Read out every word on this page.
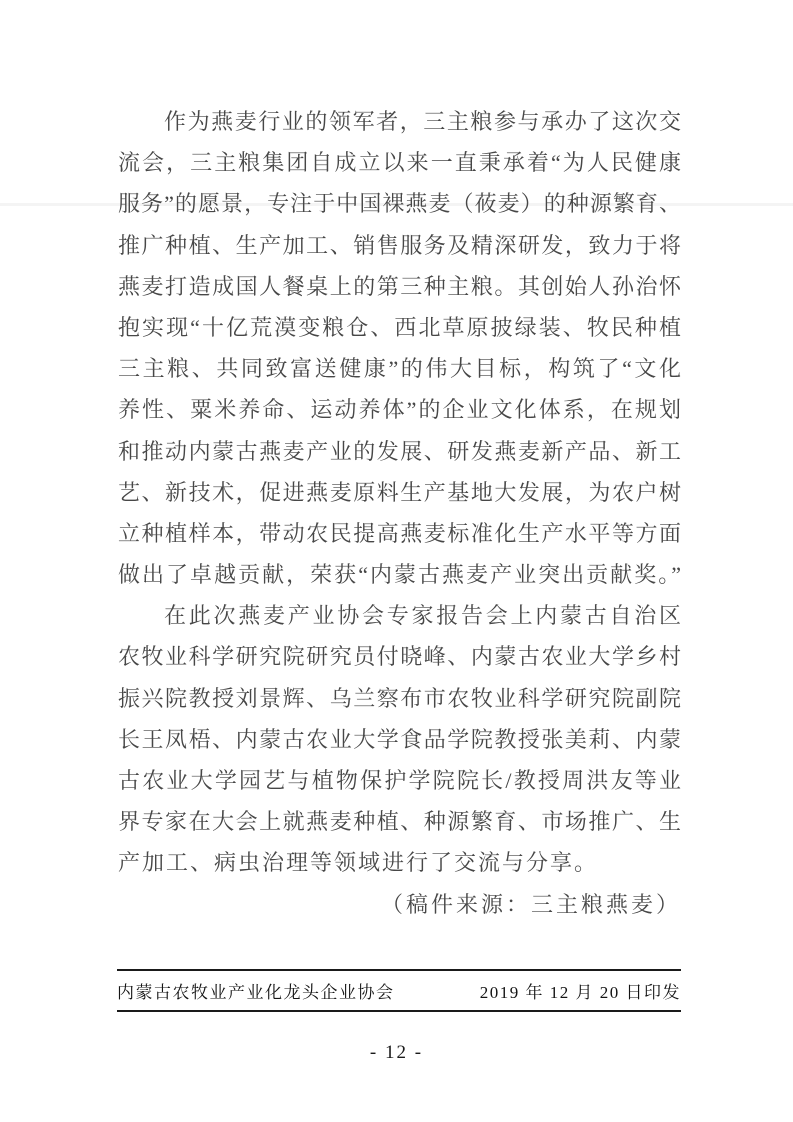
作为燕麦行业的领军者，三主粮参与承办了这次交
流会，三主粮集团自成立以来一直秉承着“为人民健康
服务”的愿景，专注于中国裸燕麦（莜麦）的种源繁育、
推广种植、生产加工、销售服务及精深研发，致力于将
燕麦打造成国人餐桌上的第三种主粮。其创始人孙治怀
抱实现“十亿荒漠变粮仓、西北草原披绿装、牧民种植
三主粮、共同致富送健康”的伟大目标，构筑了“文化
养性、粟米养命、运动养体”的企业文化体系，在规划
和推动内蒙古燕麦产业的发展、研发燕麦新产品、新工
艺、新技术，促进燕麦原料生产基地大发展，为农户树
立种植样本，带动农民提高燕麦标准化生产水平等方面
做出了卓越贡献，荣获“内蒙古燕麦产业突出贡献奖。”
在此次燕麦产业协会专家报告会上内蒙古自治区
农牧业科学研究院研究员付晓峰、内蒙古农业大学乡村
振兴院教授刘景辉、乌兰察布市农牧业科学研究院副院
长王凤梧、内蒙古农业大学食品学院教授张美莉、内蒙
古农业大学园艺与植物保护学院院长/教授周洪友等业
界专家在大会上就燕麦种植、种源繁育、市场推广、生
产加工、病虫治理等领域进行了交流与分享。
（稿件来源：三主粮燕麦）
内蒙古农牧业产业化龙头企业协会	2019 年 12 月 20 日印发
- 12 -
